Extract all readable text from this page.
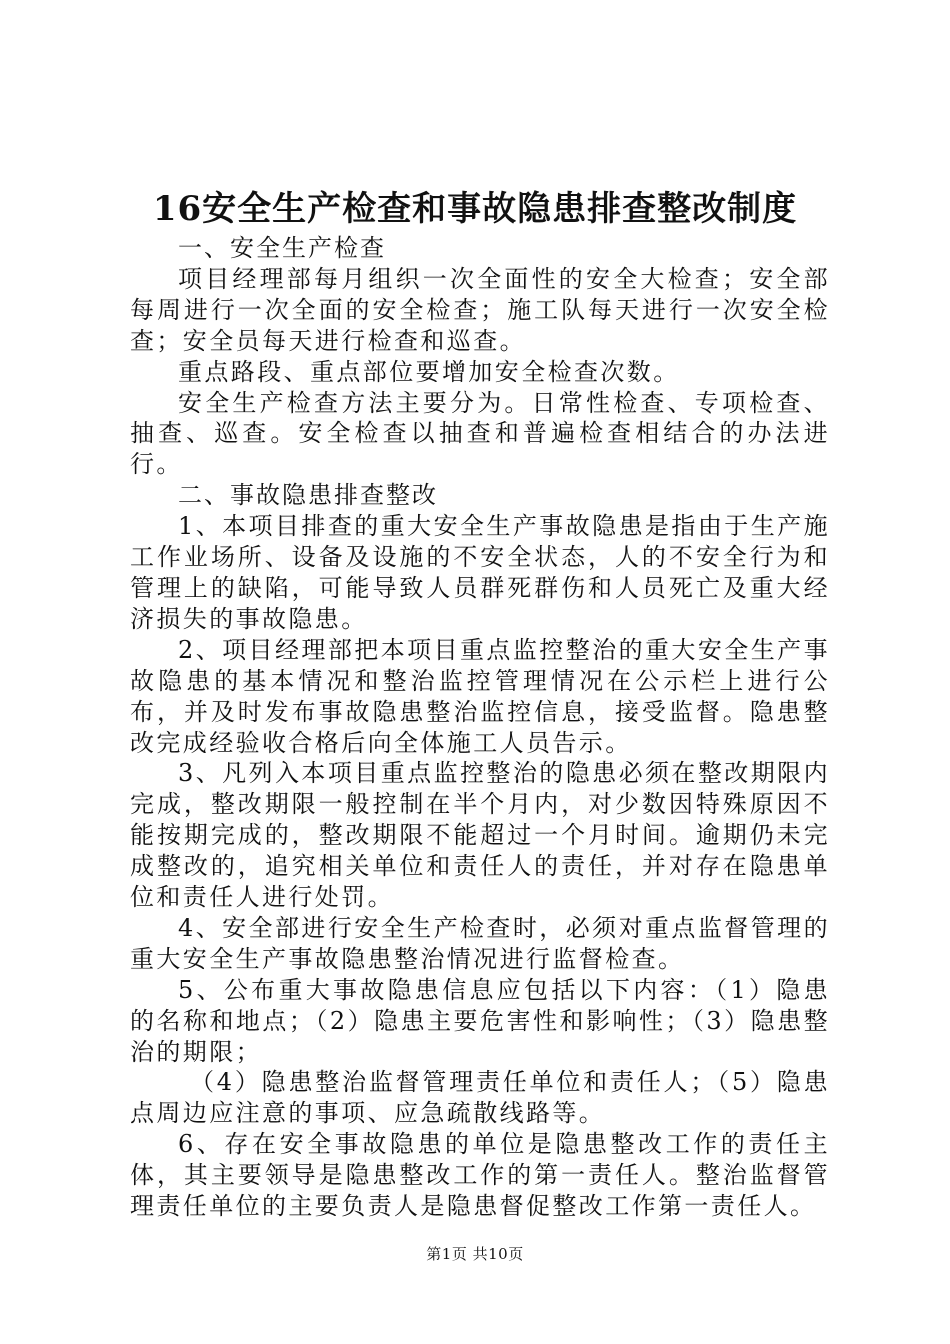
16安全生产检查和事故隐患排查整改制度

一、安全生产检查

项目经理部每月组织一次全面性的安全大检查；安全部每周进行一次全面的安全检查；施工队每天进行一次安全检查；安全员每天进行检查和巡查。

重点路段、重点部位要增加安全检查次数。

安全生产检查方法主要分为。日常性检查、专项检查、抽查、巡查。安全检查以抽查和普遍检查相结合的办法进行。

二、事故隐患排查整改

1、本项目排查的重大安全生产事故隐患是指由于生产施工作业场所、设备及设施的不安全状态，人的不安全行为和管理上的缺陷，可能导致人员群死群伤和人员死亡及重大经济损失的事故隐患。

2、项目经理部把本项目重点监控整治的重大安全生产事故隐患的基本情况和整治监控管理情况在公示栏上进行公布，并及时发布事故隐患整治监控信息，接受监督。隐患整改完成经验收合格后向全体施工人员告示。

3、凡列入本项目重点监控整治的隐患必须在整改期限内完成，整改期限一般控制在半个月内，对少数因特殊原因不能按期完成的，整改期限不能超过一个月时间。逾期仍未完成整改的，追究相关单位和责任人的责任，并对存在隐患单位和责任人进行处罚。

4、安全部进行安全生产检查时，必须对重点监督管理的重大安全生产事故隐患整治情况进行监督检查。

5、公布重大事故隐患信息应包括以下内容：（1）隐患的名称和地点；（2）隐患主要危害性和影响性；（3）隐患整治的期限；

（4）隐患整治监督管理责任单位和责任人；（5）隐患点周边应注意的事项、应急疏散线路等。

6、存在安全事故隐患的单位是隐患整改工作的责任主体，其主要领导是隐患整改工作的第一责任人。整治监督管理责任单位的主要负责人是隐患督促整改工作第一责任人。

第1页 共10页
